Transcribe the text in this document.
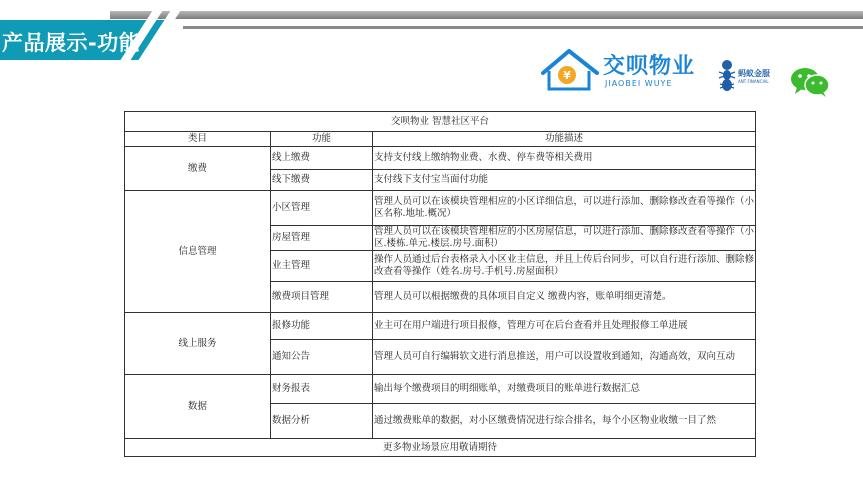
产品展示-功能
¥ 交呗物业
JIAOBEI WUYE
蚂蚁金服
ANT FINANCIAL
交呗物业 智慧社区平台		
类目	功能	功能描述
缴费	线上缴费	支持支付线上缴纳物业费、水费、停车费等相关费用
	线下缴费	支付线下支付宝当面付功能
信息管理	小区管理	管理人员可以在该模块管理相应的小区详细信息，可以进行添加、删除修改查看等操作（小区名称.地址.概况）
	房屋管理	管理人员可以在该模块管理相应的小区房屋信息，可以进行添加、删除修改查看等操作（小区.楼栋.单元.楼层.房号.面积）
	业主管理	操作人员通过后台表格录入小区业主信息，并且上传后台同步，可以自行进行添加、删除修改查看等操作（姓名.房号.手机号.房屋面积）
	缴费项目管理	管理人员可以根据缴费的具体项目自定义 缴费内容，账单明细更清楚。
线上服务	报修功能	业主可在用户端进行项目报修，管理方可在后台查看并且处理报修工单进展
	通知公告	管理人员可自行编辑软文进行消息推送，用户可以设置收到通知，沟通高效，双向互动
数据	财务报表	输出每个缴费项目的明细账单，对缴费项目的账单进行数据汇总
	数据分析	通过缴费账单的数据，对小区缴费情况进行综合排名，每个小区物业收缴一目了然
更多物业场景应用敬请期待		
